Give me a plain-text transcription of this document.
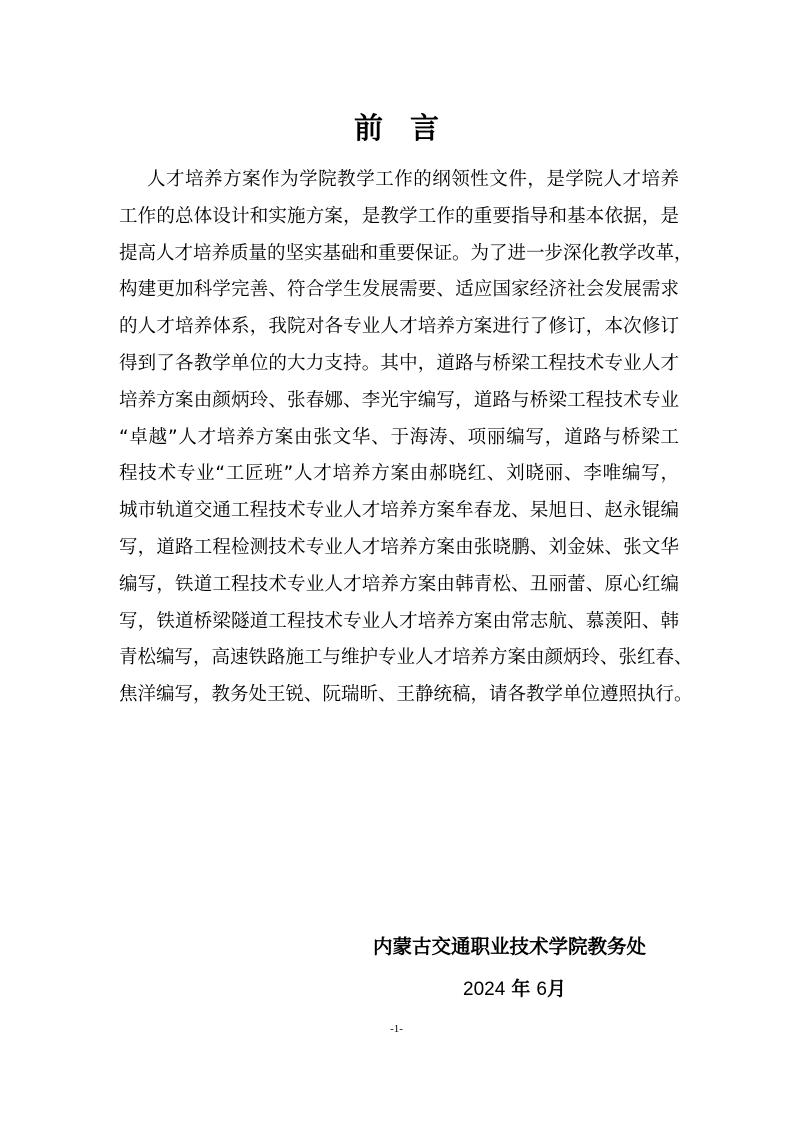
前言
人才培养方案作为学院教学工作的纲领性文件，是学院人才培养
工作的总体设计和实施方案，是教学工作的重要指导和基本依据，是
提高人才培养质量的坚实基础和重要保证。为了进一步深化教学改革，
构建更加科学完善、符合学生发展需要、适应国家经济社会发展需求
的人才培养体系，我院对各专业人才培养方案进行了修订，本次修订
得到了各教学单位的大力支持。其中，道路与桥梁工程技术专业人才
培养方案由颜炳玲、张春娜、李光宇编写，道路与桥梁工程技术专业
“卓越”人才培养方案由张文华、于海涛、项丽编写，道路与桥梁工
程技术专业“工匠班”人才培养方案由郝晓红、刘晓丽、李唯编写，
城市轨道交通工程技术专业人才培养方案牟春龙、杲旭日、赵永锟编
写，道路工程检测技术专业人才培养方案由张晓鹏、刘金妹、张文华
编写，铁道工程技术专业人才培养方案由韩青松、丑丽蕾、原心红编
写，铁道桥梁隧道工程技术专业人才培养方案由常志航、慕羡阳、韩
青松编写，高速铁路施工与维护专业人才培养方案由颜炳玲、张红春、
焦洋编写，教务处王锐、阮瑞昕、王静统稿，请各教学单位遵照执行。
内蒙古交通职业技术学院教务处
2024 年 6月
-1-
